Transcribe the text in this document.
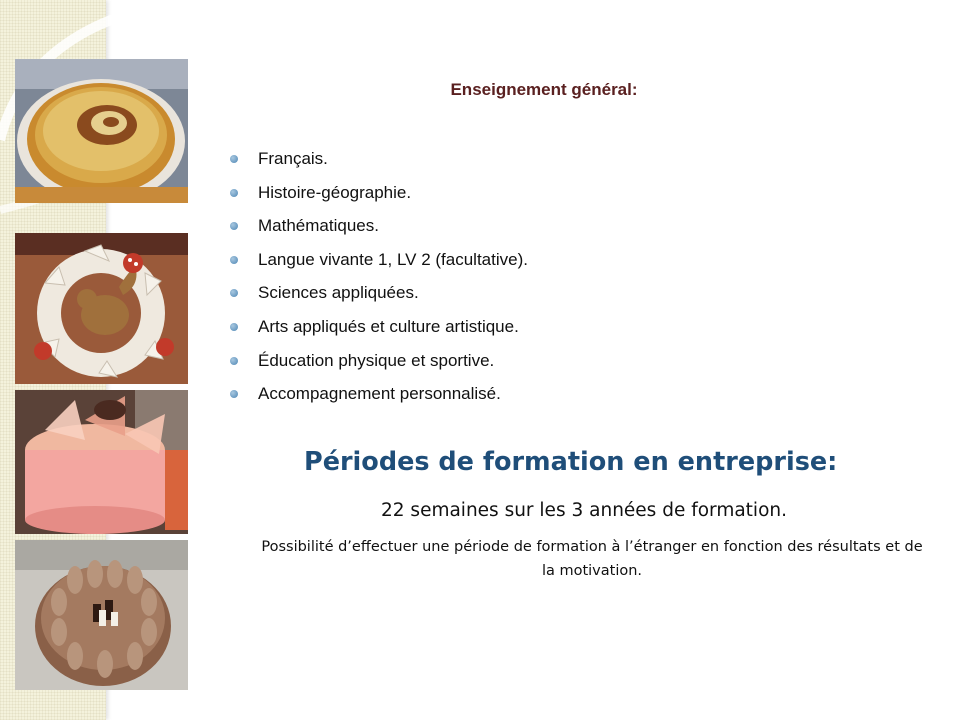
Enseignement général:
Français.
Histoire-géographie.
Mathématiques.
Langue vivante 1, LV 2 (facultative).
Sciences appliquées.
Arts appliqués et culture artistique.
Éducation physique et sportive.
Accompagnement personnalisé.
Périodes de formation en entreprise:
22 semaines sur les 3 années de formation.
Possibilité d’effectuer une période de formation à l’étranger en fonction des résultats et de la motivation.
